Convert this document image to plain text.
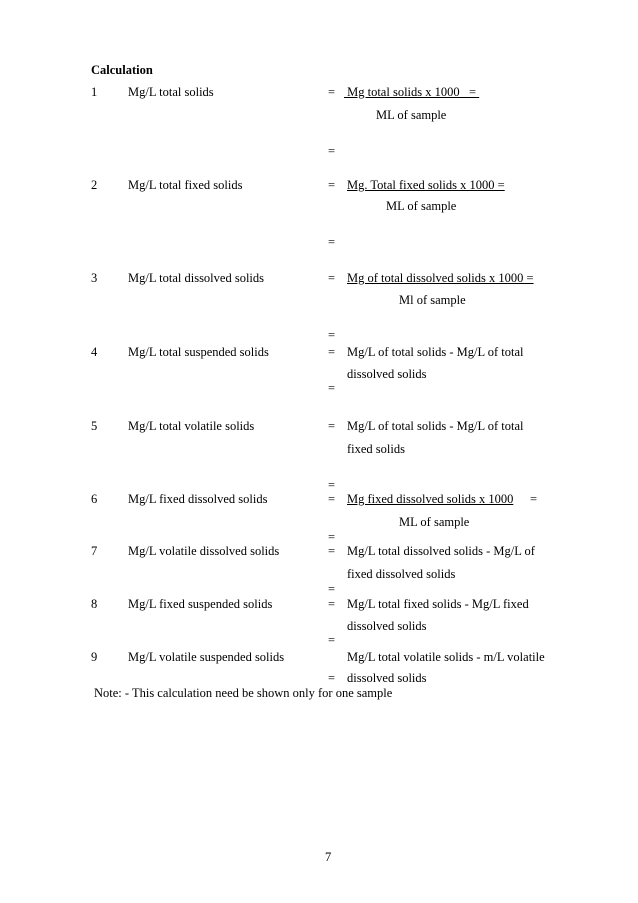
Calculation
1 Mg/L total solids	= Mg total solids x 1000   =
ML of sample
=
2 Mg/L total fixed solids	= Mg. Total fixed solids x 1000 =
ML of sample
=
3 Mg/L total dissolved solids	= Mg of total dissolved solids x 1000 =
Ml of sample
=
4 Mg/L total suspended solids	= Mg/L of total solids - Mg/L of total
dissolved solids
=
5 Mg/L total volatile solids	= Mg/L of total solids - Mg/L of total
fixed solids
=
6 Mg/L fixed dissolved solids	= Mg fixed dissolved solids x 1000 =
ML of sample
=
7 Mg/L volatile dissolved solids	= Mg/L total dissolved solids - Mg/L of
fixed dissolved solids
=
8 Mg/L fixed suspended solids	= Mg/L total fixed solids - Mg/L fixed
dissolved solids
=
9 Mg/L volatile suspended solids	Mg/L total volatile solids - m/L volatile
= dissolved solids
Note: - This calculation need be shown only for one sample
7
